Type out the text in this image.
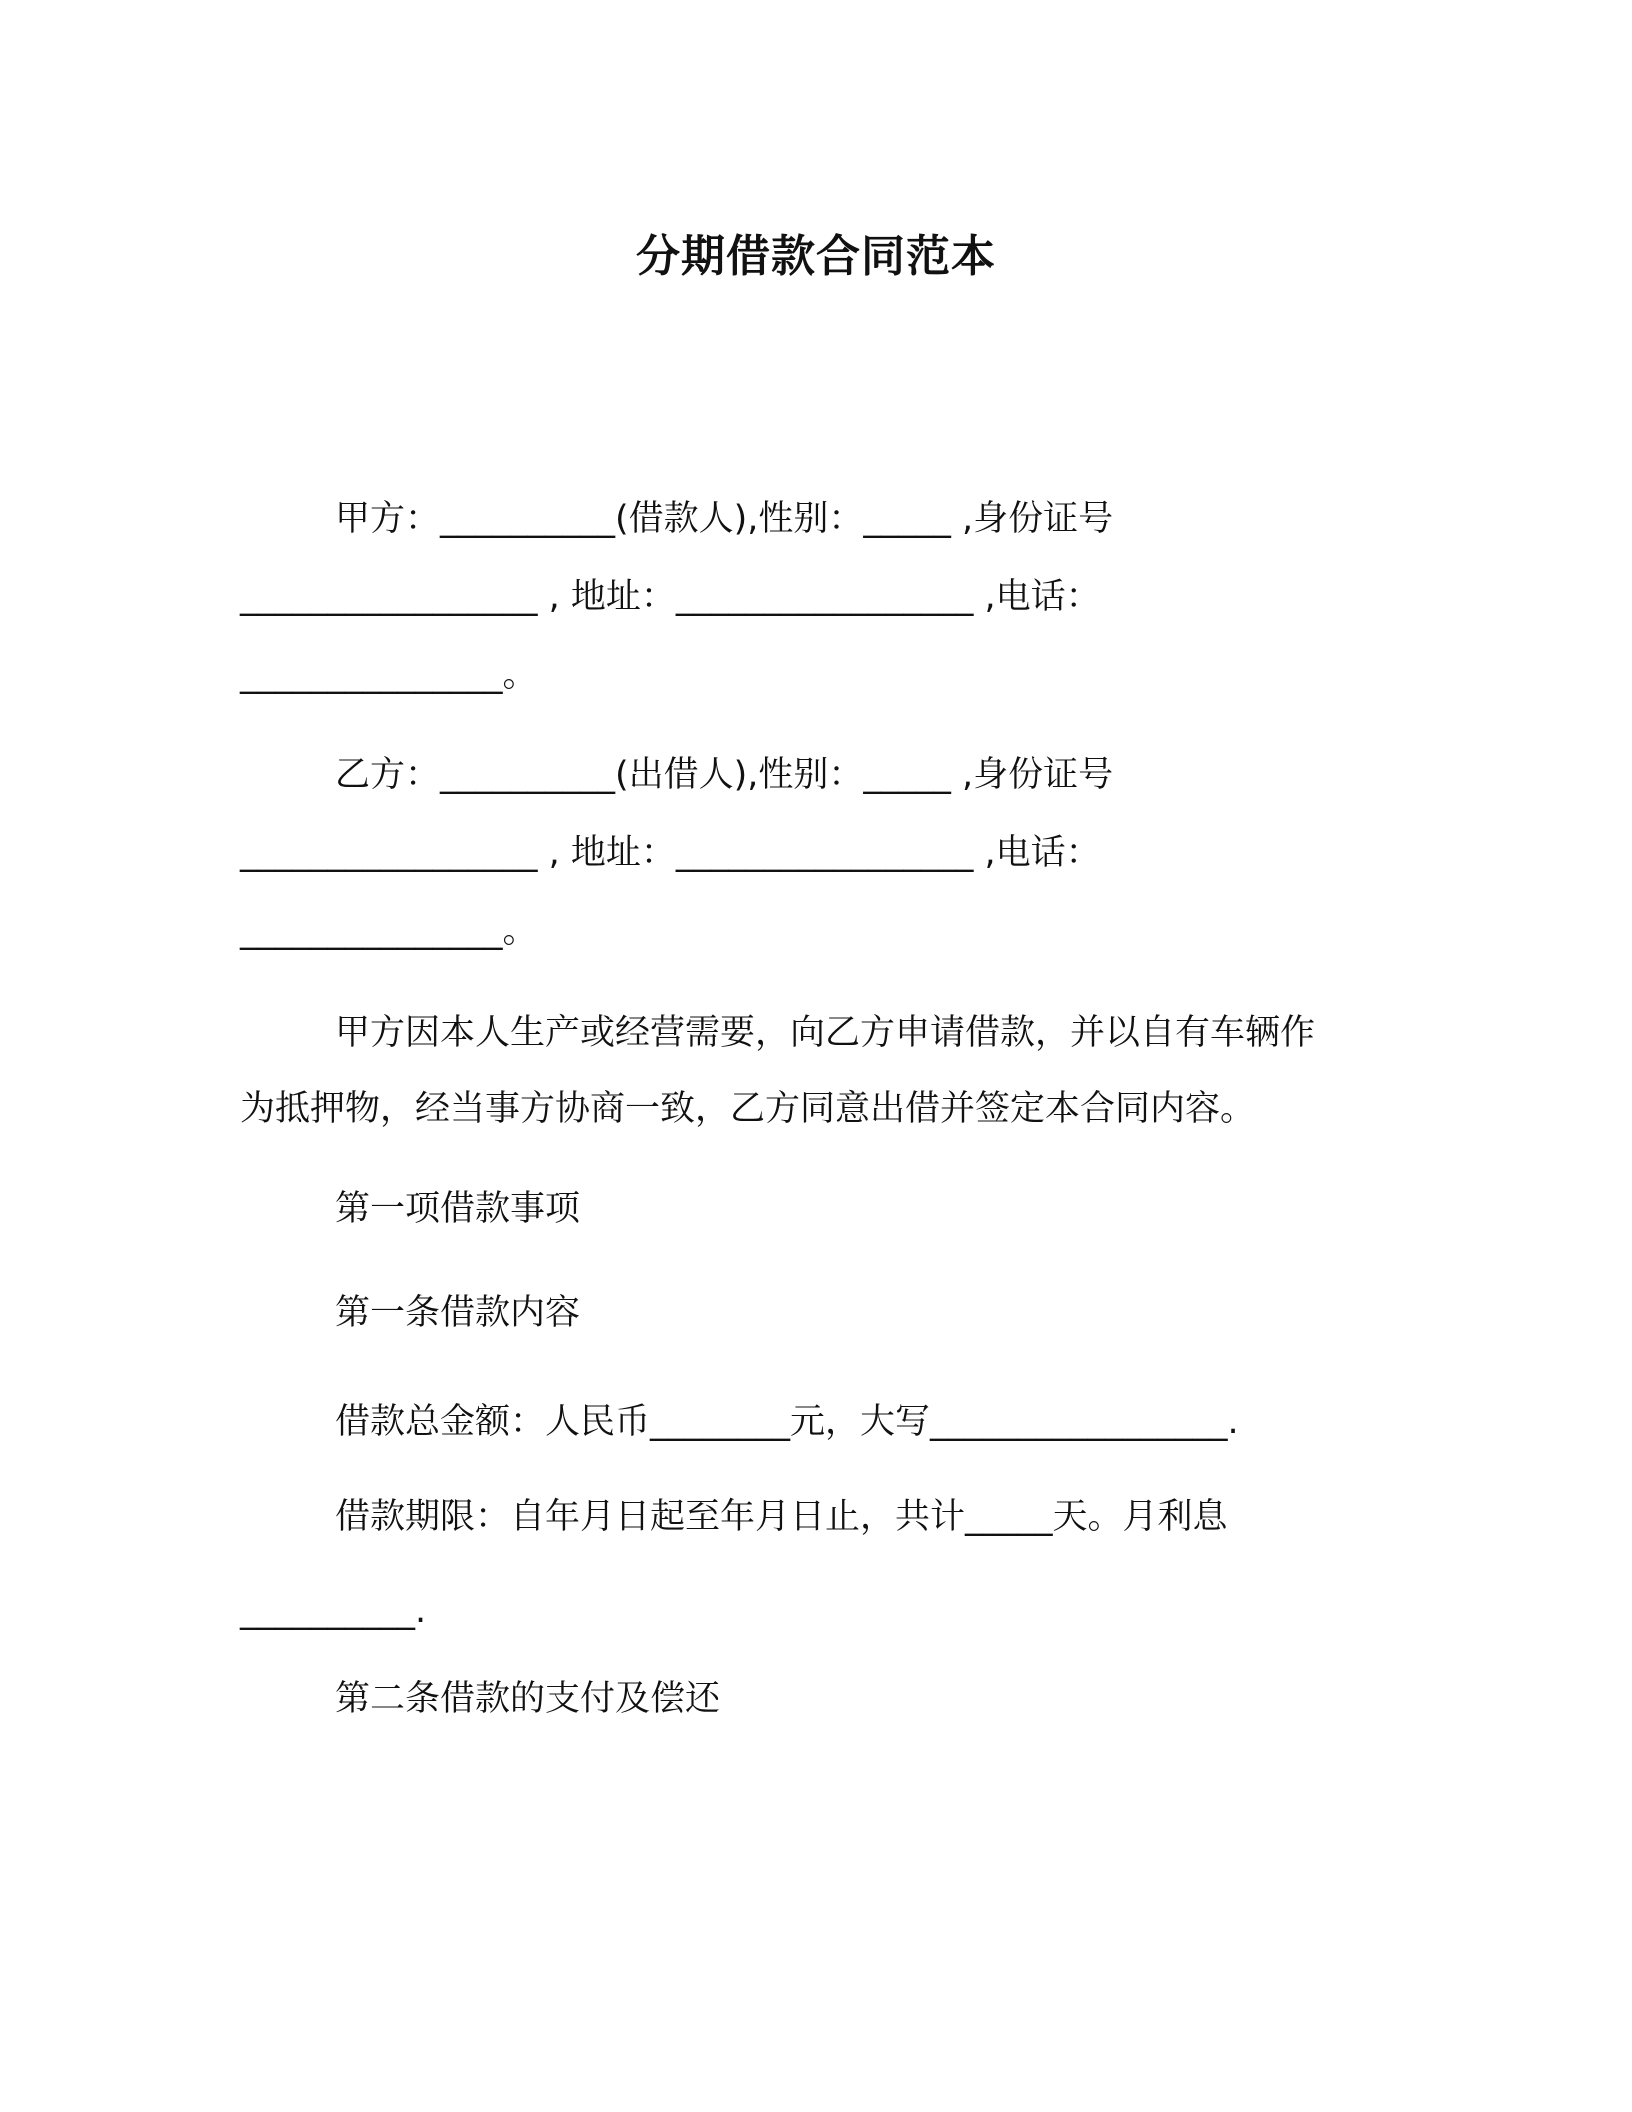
分期借款合同范本
甲方：__________(借款人),性别：_____ ,身份证号
_________________ , 地址：_________________ ,电话：
_______________。
乙方：__________(出借人),性别：_____ ,身份证号
_________________ , 地址：_________________ ,电话：
_______________。
甲方因本人生产或经营需要，向乙方申请借款，并以自有车辆作
为抵押物，经当事方协商一致，乙方同意出借并签定本合同内容。
第一项借款事项
第一条借款内容
借款总金额：人民币________元，大写_________________.
借款期限：自年月日起至年月日止，共计_____天。月利息
__________.
第二条借款的支付及偿还
